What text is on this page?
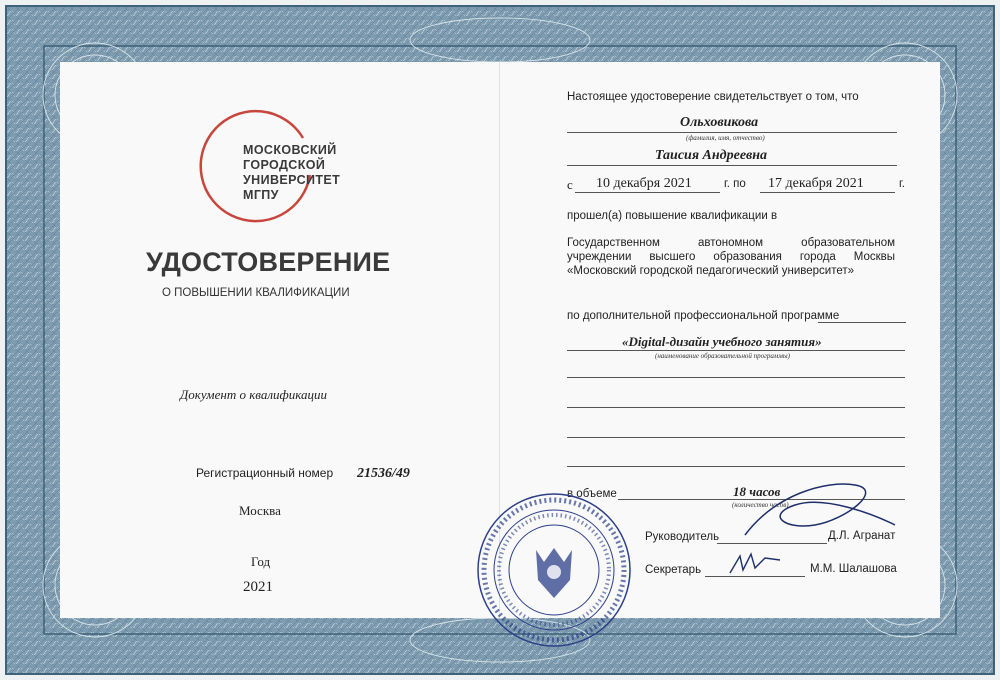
МОСКОВСКИЙ
ГОРОДСКОЙ
УНИВЕРСИТЕТ
МГПУ
УДОСТОВЕРЕНИЕ
О ПОВЫШЕНИИ КВАЛИФИКАЦИИ
Документ о квалификации
Регистрационный номер 21536/49
Москва
Год
2021
Настоящее удостоверение свидетельствует о том, что
Ольховикова
(фамилия, имя, отчество)
Таисия Андреевна
с 10 декабря 2021	г. по 17 декабря 2021	г.
прошел(а) повышение квалификации в
Государственном автономном образовательном
учреждении высшего образования города Москвы
«Московский городской педагогический университет»
по дополнительной профессиональной программе
«Digital-дизайн учебного занятия»
(наименование образовательной программы)
в объеме	18 часов
(количество часов)
Руководитель	Д.Л. Агранат
Секретарь	М.М. Шалашова
